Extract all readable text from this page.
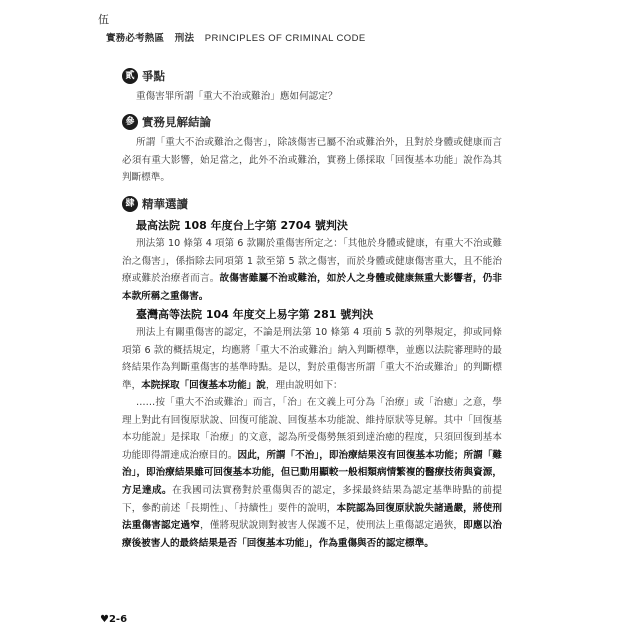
伍
實務必考熱區 刑法 PRINCIPLES OF CRIMINAL CODE
貳 爭點
重傷害罪所謂「重大不治或難治」應如何認定？
參 實務見解結論
所謂「重大不治或難治之傷害」，除該傷害已屬不治或難治外，且對於身體或健康而言必須有重大影響，始足當之，此外不治或難治，實務上係採取「回復基本功能」說作為其判斷標準。
肆 精華選讀
最高法院 108 年度台上字第 2704 號判決
刑法第 10 條第 4 項第 6 款關於重傷害所定之：「其他於身體或健康，有重大不治或難治之傷害」，係指除去同項第 1 款至第 5 款之傷害，而於身體或健康傷害重大，且不能治療或難於治療者而言。故傷害雖屬不治或難治，如於人之身體或健康無重大影響者，仍非本款所稱之重傷害。
臺灣高等法院 104 年度交上易字第 281 號判決
刑法上有關重傷害的認定，不論是刑法第 10 條第 4 項前 5 款的列舉規定，抑或同條項第 6 款的概括規定，均應將「重大不治或難治」納入判斷標準，並應以法院審理時的最終結果作為判斷重傷害的基準時點。是以，對於重傷害所謂「重大不治或難治」的判斷標準，本院採取「回復基本功能」說，理由說明如下：
……按「重大不治或難治」而言，「治」在文義上可分為「治療」或「治癒」之意，學理上對此有回復原狀說、回復可能說、回復基本功能說、維持原狀等見解。其中「回復基本功能說」是採取「治療」的文意，認為所受傷勢無須到達治癒的程度，只須回復到基本功能即得謂達成治療目的。因此，所謂「不治」，即治療結果沒有回復基本功能；所謂「難治」，即治療結果雖可回復基本功能，但已動用顯較一般相類病情繁複的醫療技術與資源，方足達成。在我國司法實務對於重傷與否的認定，多採最終結果為認定基準時點的前提下，參酌前述「長期性」、「持續性」要件的說明，本院認為回復原狀說失諸過嚴，將使刑法重傷害認定過窄，僅將現狀說則對被害人保護不足，使刑法上重傷認定過狹，即應以治療後被害人的最終結果是否「回復基本功能」，作為重傷與否的認定標準。
♥2-6
